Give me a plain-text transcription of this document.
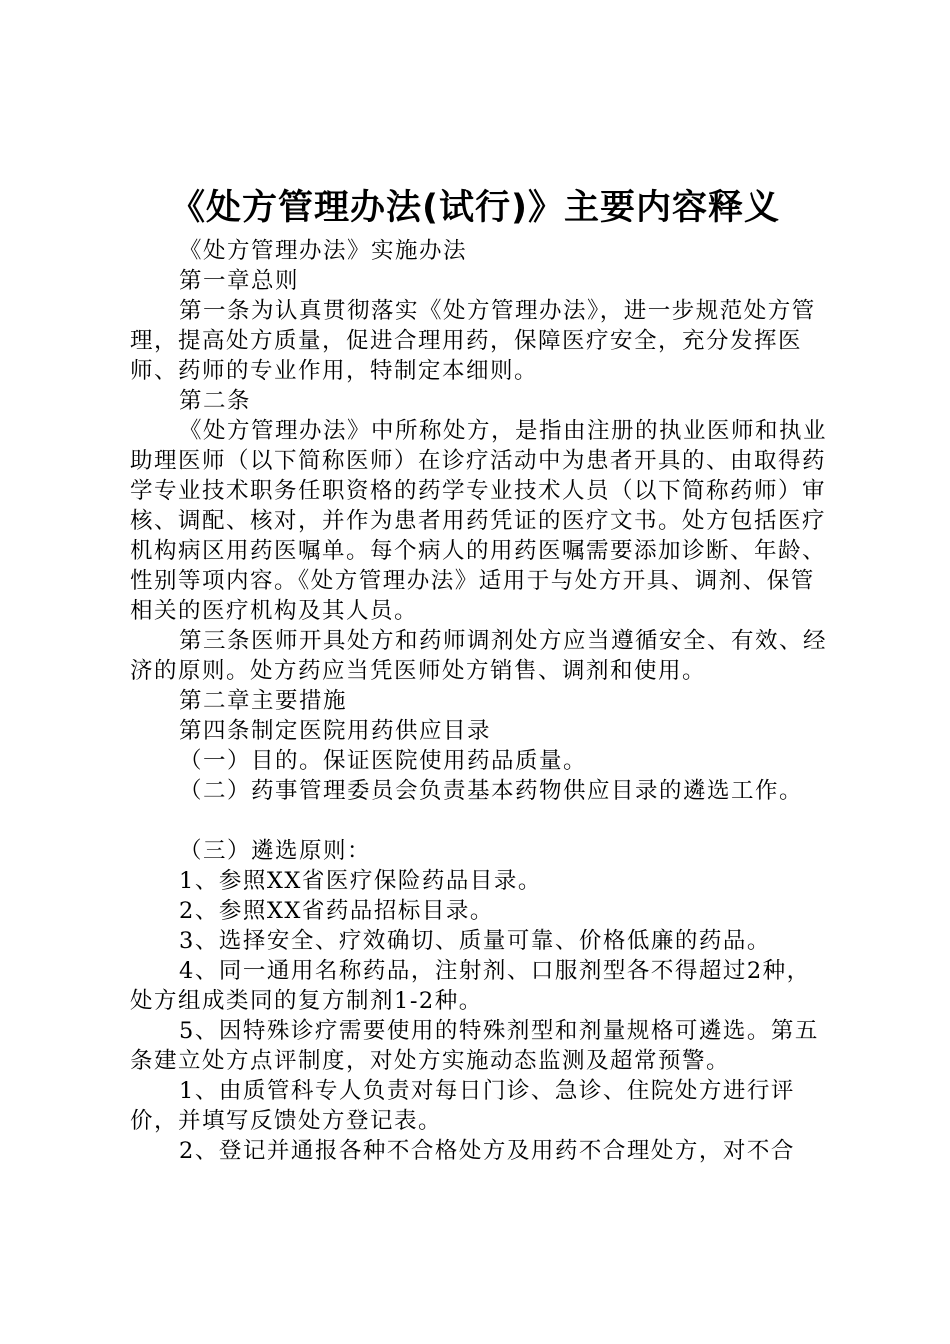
《处方管理办法(试行)》主要内容释义

《处方管理办法》实施办法

第一章总则

第一条为认真贯彻落实《处方管理办法》，进一步规范处方管理，提高处方质量，促进合理用药，保障医疗安全，充分发挥医师、药师的专业作用，特制定本细则。

第二条

《处方管理办法》中所称处方，是指由注册的执业医师和执业助理医师（以下简称医师）在诊疗活动中为患者开具的、由取得药学专业技术职务任职资格的药学专业技术人员（以下简称药师）审核、调配、核对，并作为患者用药凭证的医疗文书。处方包括医疗机构病区用药医嘱单。每个病人的用药医嘱需要添加诊断、年龄、性别等项内容。《处方管理办法》适用于与处方开具、调剂、保管相关的医疗机构及其人员。

第三条医师开具处方和药师调剂处方应当遵循安全、有效、经济的原则。处方药应当凭医师处方销售、调剂和使用。

第二章主要措施

第四条制定医院用药供应目录

（一）目的。保证医院使用药品质量。

（二）药事管理委员会负责基本药物供应目录的遴选工作。

（三）遴选原则：

1、参照XX省医疗保险药品目录。

2、参照XX省药品招标目录。

3、选择安全、疗效确切、质量可靠、价格低廉的药品。

4、同一通用名称药品，注射剂、口服剂型各不得超过2种，处方组成类同的复方制剂1-2种。

5、因特殊诊疗需要使用的特殊剂型和剂量规格可遴选。第五条建立处方点评制度，对处方实施动态监测及超常预警。

1、由质管科专人负责对每日门诊、急诊、住院处方进行评价，并填写反馈处方登记表。

2、登记并通报各种不合格处方及用药不合理处方，对不合
